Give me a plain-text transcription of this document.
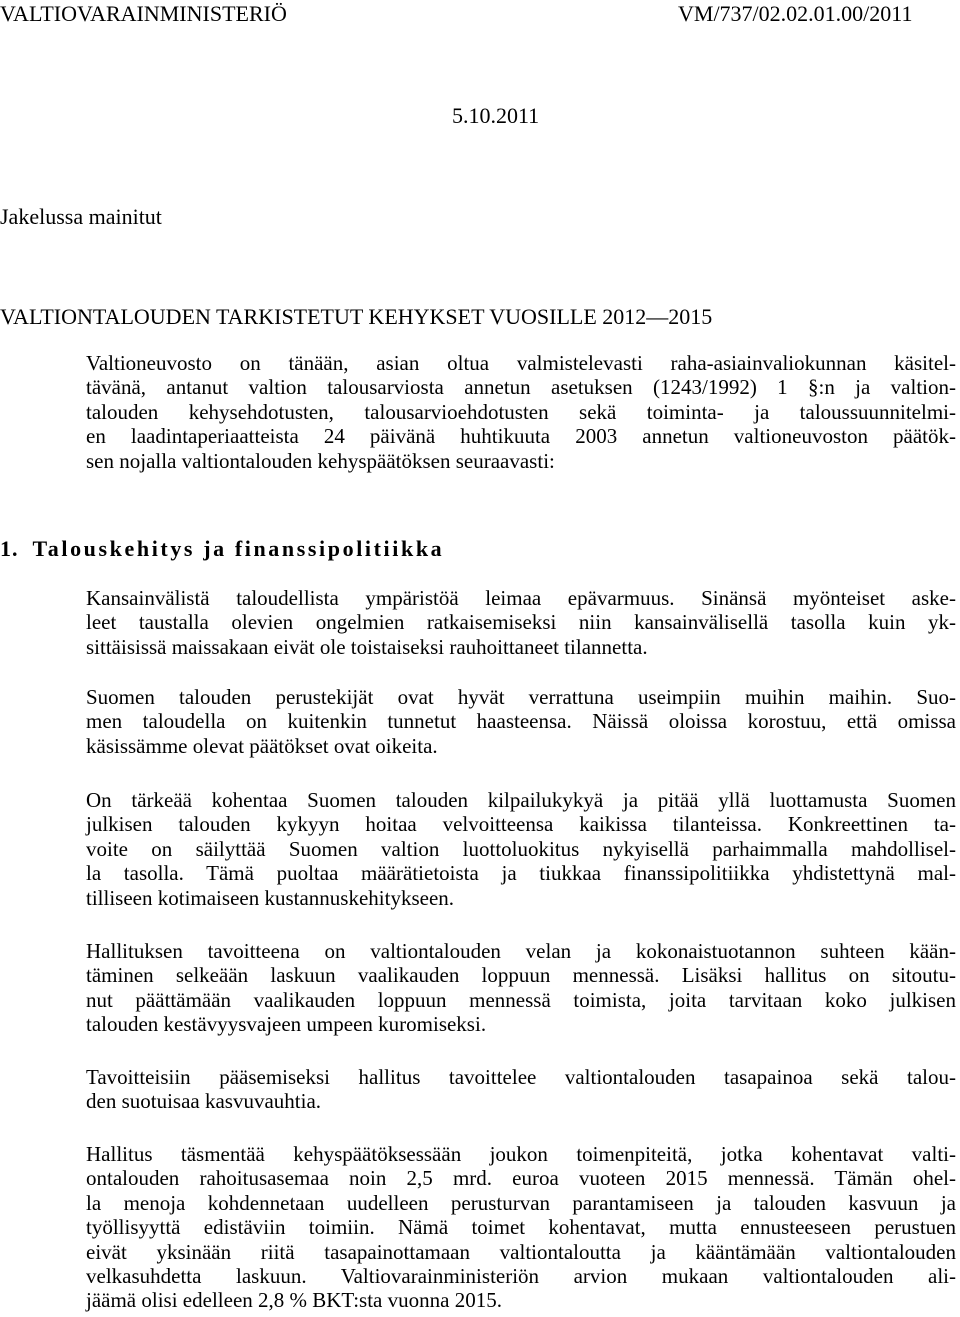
VALTIOVARAINMINISTERIÖ	VM/737/02.02.01.00/2011
5.10.2011
Jakelussa mainitut
VALTIONTALOUDEN TARKISTETUT KEHYKSET VUOSILLE 2012—2015
Valtioneuvosto on tänään, asian oltua valmistelevasti raha-asiainvaliokunnan käsitel-
tävänä, antanut valtion talousarviosta annetun asetuksen (1243/1992) 1 §:n ja valtion-
talouden kehysehdotusten, talousarvioehdotusten sekä toiminta- ja taloussuunnitelmi-
en laadintaperiaatteista 24 päivänä huhtikuuta 2003 annetun valtioneuvoston päätök-
sen nojalla valtiontalouden kehyspäätöksen seuraavasti:
1. Talouskehitys ja finanssipolitiikka
Kansainvälistä taloudellista ympäristöä leimaa epävarmuus. Sinänsä myönteiset aske-
leet taustalla olevien ongelmien ratkaisemiseksi niin kansainvälisellä tasolla kuin yk-
sittäisissä maissakaan eivät ole toistaiseksi rauhoittaneet tilannetta.
Suomen talouden perustekijät ovat hyvät verrattuna useimpiin muihin maihin. Suo-
men taloudella on kuitenkin tunnetut haasteensa. Näissä oloissa korostuu, että omissa
käsissämme olevat päätökset ovat oikeita.
On tärkeää kohentaa Suomen talouden kilpailukykyä ja pitää yllä luottamusta Suomen
julkisen talouden kykyyn hoitaa velvoitteensa kaikissa tilanteissa. Konkreettinen ta-
voite on säilyttää Suomen valtion luottoluokitus nykyisellä parhaimmalla mahdollisel-
la tasolla. Tämä puoltaa määrätietoista ja tiukkaa finanssipolitiikka yhdistettynä mal-
tilliseen kotimaiseen kustannuskehitykseen.
Hallituksen tavoitteena on valtiontalouden velan ja kokonaistuotannon suhteen kään-
täminen selkeään laskuun vaalikauden loppuun mennessä. Lisäksi hallitus on sitoutu-
nut päättämään vaalikauden loppuun mennessä toimista, joita tarvitaan koko julkisen
talouden kestävyysvajeen umpeen kuromiseksi.
Tavoitteisiin pääsemiseksi hallitus tavoittelee valtiontalouden tasapainoa sekä talou-
den suotuisaa kasvuvauhtia.
Hallitus täsmentää kehyspäätöksessään joukon toimenpiteitä, jotka kohentavat valti-
ontalouden rahoitusasemaa noin 2,5 mrd. euroa vuoteen 2015 mennessä. Tämän ohel-
la menoja kohdennetaan uudelleen perusturvan parantamiseen ja talouden kasvuun ja
työllisyyttä edistäviin toimiin. Nämä toimet kohentavat, mutta ennusteeseen perustuen
eivät yksinään riitä tasapainottamaan valtiontaloutta ja kääntämään valtiontalouden
velkasuhdetta laskuun. Valtiovarainministeriön arvion mukaan valtiontalouden ali-
jäämä olisi edelleen 2,8 % BKT:sta vuonna 2015.
